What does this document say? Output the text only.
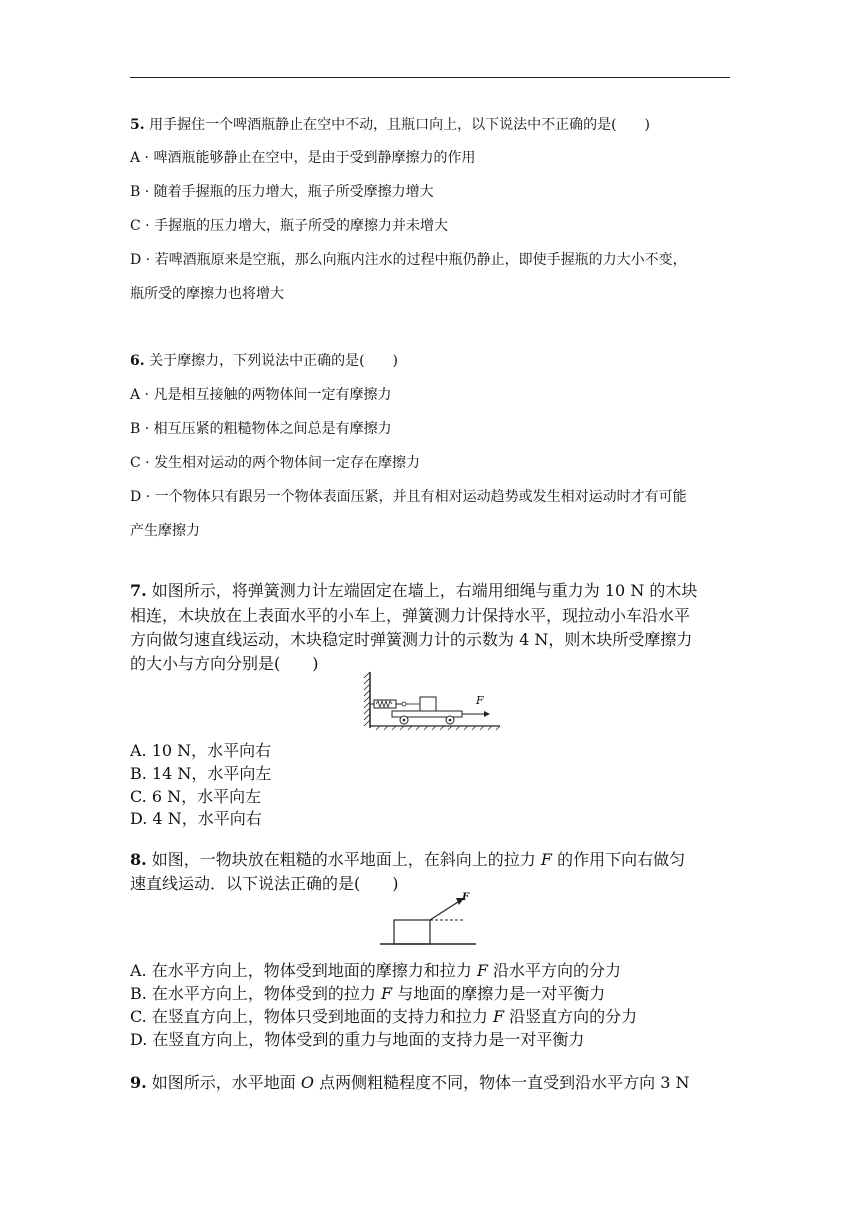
5. 用手握住一个啤酒瓶静止在空中不动，且瓶口向上，以下说法中不正确的是(　　)
A · 啤酒瓶能够静止在空中，是由于受到静摩擦力的作用
B · 随着手握瓶的压力增大，瓶子所受摩擦力增大
C · 手握瓶的压力增大，瓶子所受的摩擦力并未增大
D · 若啤酒瓶原来是空瓶，那么向瓶内注水的过程中瓶仍静止，即使手握瓶的力大小不变，
瓶所受的摩擦力也将增大
6. 关于摩擦力，下列说法中正确的是(　　)
A · 凡是相互接触的两物体间一定有摩擦力
B · 相互压紧的粗糙物体之间总是有摩擦力
C · 发生相对运动的两个物体间一定存在摩擦力
D · 一个物体只有跟另一个物体表面压紧，并且有相对运动趋势或发生相对运动时才有可能
产生摩擦力
7. 如图所示，将弹簧测力计左端固定在墙上，右端用细绳与重力为 10 N 的木块
相连，木块放在上表面水平的小车上，弹簧测力计保持水平，现拉动小车沿水平
方向做匀速直线运动，木块稳定时弹簧测力计的示数为 4 N，则木块所受摩擦力
的大小与方向分别是(　　)
F
A. 10 N，水平向右
B. 14 N，水平向左
C. 6 N，水平向左
D. 4 N，水平向右
8. 如图，一物块放在粗糙的水平地面上，在斜向上的拉力 F 的作用下向右做匀
速直线运动．以下说法正确的是(　　)
F
A. 在水平方向上，物体受到地面的摩擦力和拉力 F 沿水平方向的分力
B. 在水平方向上，物体受到的拉力 F 与地面的摩擦力是一对平衡力
C. 在竖直方向上，物体只受到地面的支持力和拉力 F 沿竖直方向的分力
D. 在竖直方向上，物体受到的重力与地面的支持力是一对平衡力
9. 如图所示，水平地面 O 点两侧粗糙程度不同，物体一直受到沿水平方向 3 N
